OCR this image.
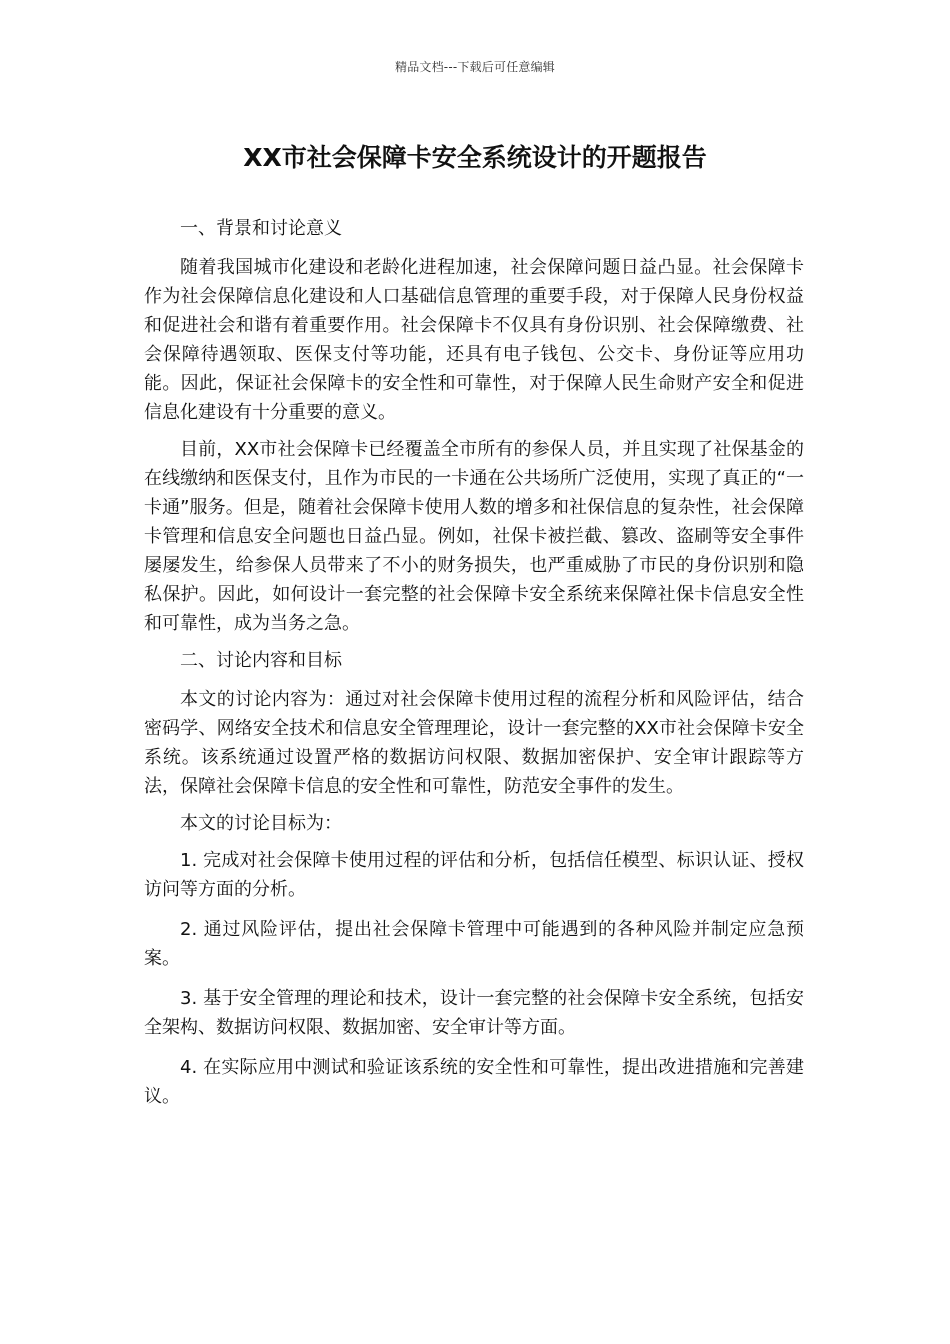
精品文档---下载后可任意编辑
XX市社会保障卡安全系统设计的开题报告

一、背景和讨论意义

随着我国城市化建设和老龄化进程加速，社会保障问题日益凸显。社会保障卡作为社会保障信息化建设和人口基础信息管理的重要手段，对于保障人民身份权益和促进社会和谐有着重要作用。社会保障卡不仅具有身份识别、社会保障缴费、社会保障待遇领取、医保支付等功能，还具有电子钱包、公交卡、身份证等应用功能。因此，保证社会保障卡的安全性和可靠性，对于保障人民生命财产安全和促进信息化建设有十分重要的意义。

目前，XX市社会保障卡已经覆盖全市所有的参保人员，并且实现了社保基金的在线缴纳和医保支付，且作为市民的一卡通在公共场所广泛使用，实现了真正的“一卡通”服务。但是，随着社会保障卡使用人数的增多和社保信息的复杂性，社会保障卡管理和信息安全问题也日益凸显。例如，社保卡被拦截、篡改、盗刷等安全事件屡屡发生，给参保人员带来了不小的财务损失，也严重威胁了市民的身份识别和隐私保护。因此，如何设计一套完整的社会保障卡安全系统来保障社保卡信息安全性和可靠性，成为当务之急。

二、讨论内容和目标

本文的讨论内容为：通过对社会保障卡使用过程的流程分析和风险评估，结合密码学、网络安全技术和信息安全管理理论，设计一套完整的XX市社会保障卡安全系统。该系统通过设置严格的数据访问权限、数据加密保护、安全审计跟踪等方法，保障社会保障卡信息的安全性和可靠性，防范安全事件的发生。

本文的讨论目标为：

1. 完成对社会保障卡使用过程的评估和分析，包括信任模型、标识认证、授权访问等方面的分析。

2. 通过风险评估，提出社会保障卡管理中可能遇到的各种风险并制定应急预案。

3. 基于安全管理的理论和技术，设计一套完整的社会保障卡安全系统，包括安全架构、数据访问权限、数据加密、安全审计等方面。

4. 在实际应用中测试和验证该系统的安全性和可靠性，提出改进措施和完善建议。
